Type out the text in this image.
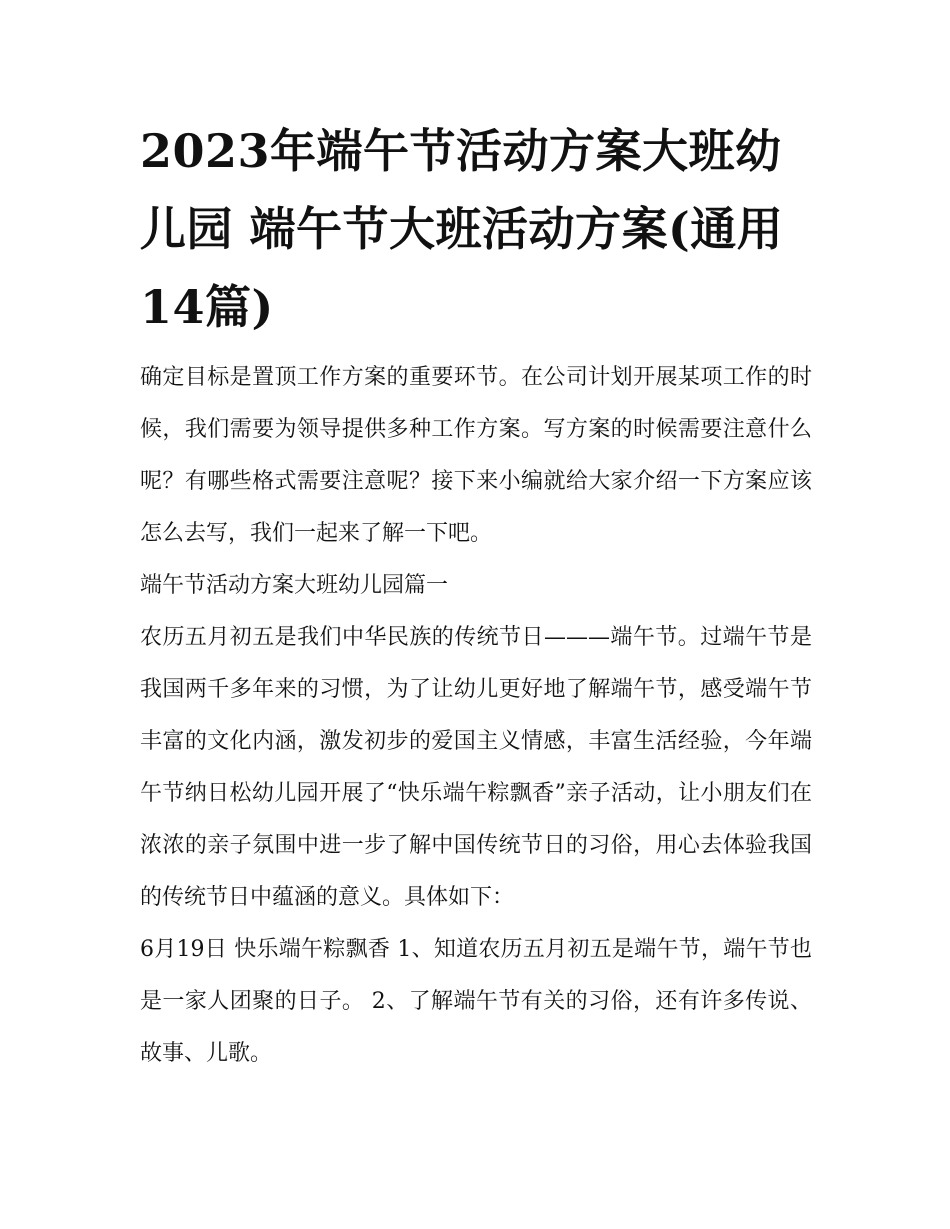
2023年端午节活动方案大班幼儿园 端午节大班活动方案(通用14篇)

确定目标是置顶工作方案的重要环节。在公司计划开展某项工作的时候，我们需要为领导提供多种工作方案。写方案的时候需要注意什么呢？有哪些格式需要注意呢？接下来小编就给大家介绍一下方案应该怎么去写，我们一起来了解一下吧。

端午节活动方案大班幼儿园篇一

农历五月初五是我们中华民族的传统节日———端午节。过端午节是我国两千多年来的习惯，为了让幼儿更好地了解端午节，感受端午节丰富的文化内涵，激发初步的爱国主义情感，丰富生活经验，今年端午节纳日松幼儿园开展了“快乐端午粽飘香”亲子活动，让小朋友们在浓浓的亲子氛围中进一步了解中国传统节日的习俗，用心去体验我国的传统节日中蕴涵的意义。具体如下：

6月19日 快乐端午粽飘香 1、知道农历五月初五是端午节，端午节也 是一家人团聚的日子。 2、了解端午节有关的习俗，还有许多传说、 故事、儿歌。
